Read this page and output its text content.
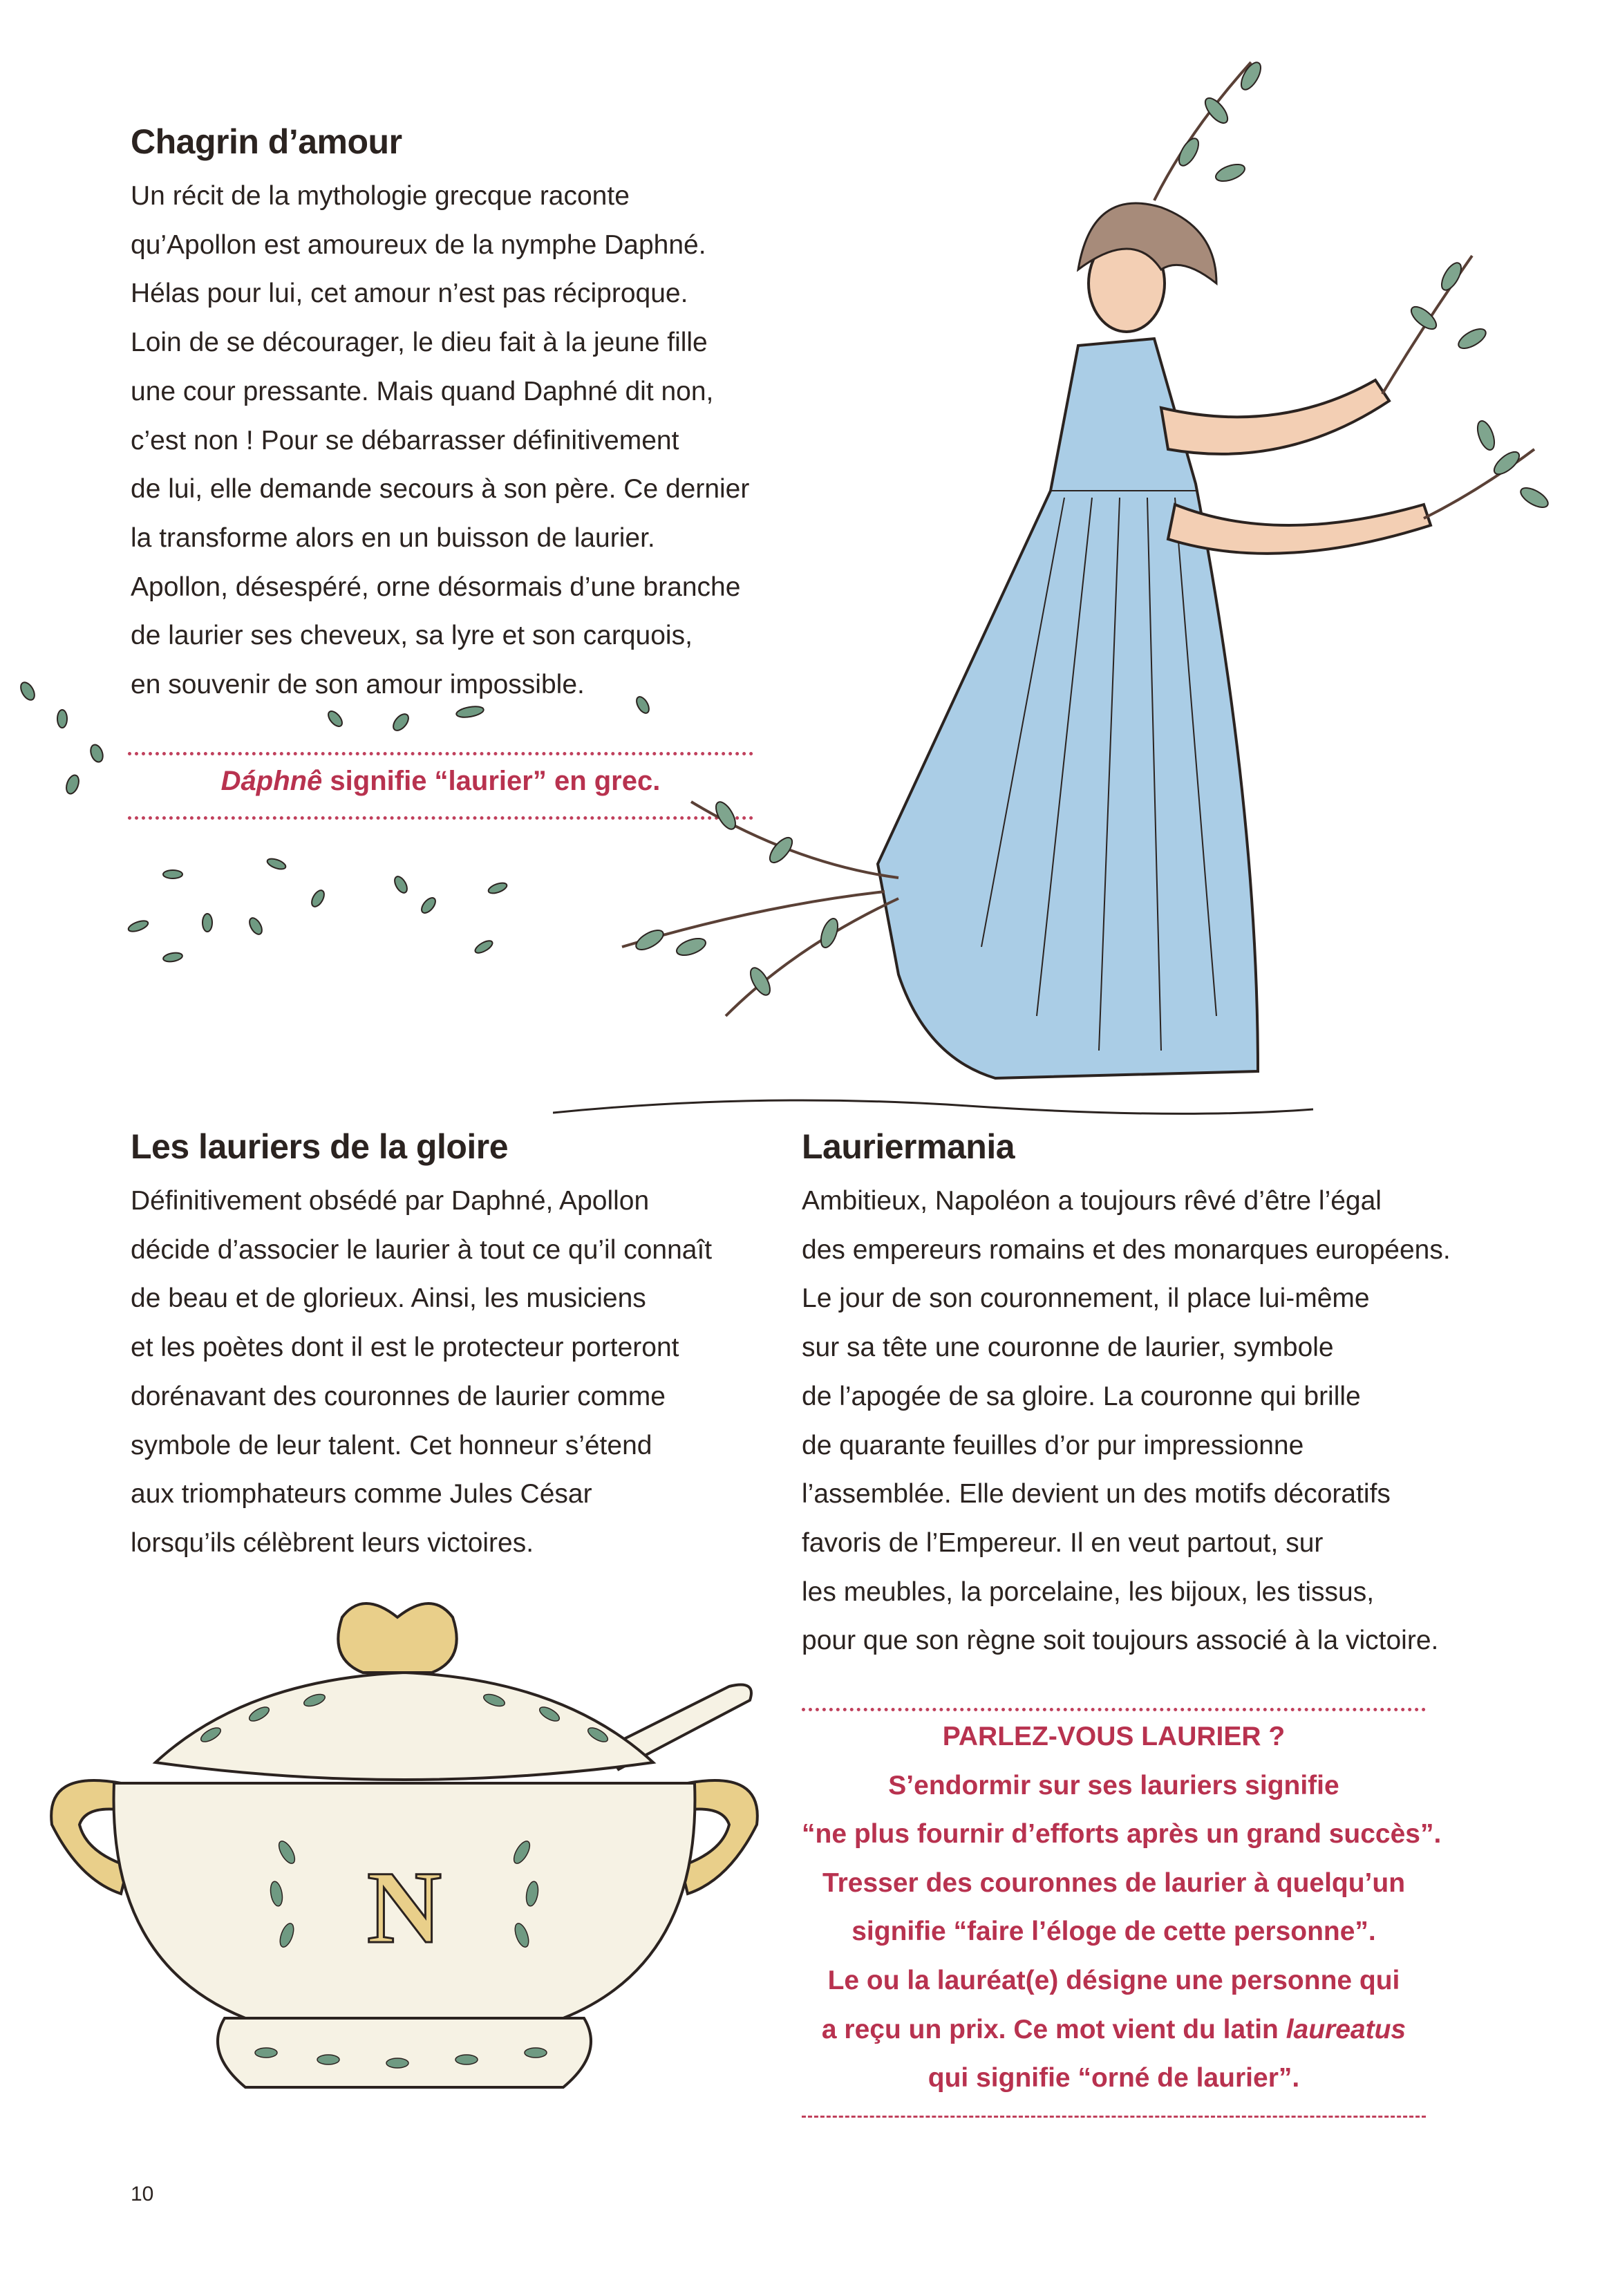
Chagrin d’amour
Un récit de la mythologie grecque raconte
qu’Apollon est amoureux de la nymphe Daphné.
Hélas pour lui, cet amour n’est pas réciproque.
Loin de se décourager, le dieu fait à la jeune fille
une cour pressante. Mais quand Daphné dit non,
c’est non ! Pour se débarrasser définitivement
de lui, elle demande secours à son père. Ce dernier
la transforme alors en un buisson de laurier.
Apollon, désespéré, orne désormais d’une branche
de laurier ses cheveux, sa lyre et son carquois,
en souvenir de son amour impossible.
Dáphnê signifie “laurier” en grec.
Les lauriers de la gloire
Définitivement obsédé par Daphné, Apollon
décide d’associer le laurier à tout ce qu’il connaît
de beau et de glorieux. Ainsi, les musiciens
et les poètes dont il est le protecteur porteront
dorénavant des couronnes de laurier comme
symbole de leur talent. Cet honneur s’étend
aux triomphateurs comme Jules César
lorsqu’ils célèbrent leurs victoires.
Lauriermania
Ambitieux, Napoléon a toujours rêvé d’être l’égal
des empereurs romains et des monarques européens.
Le jour de son couronnement, il place lui-même
sur sa tête une couronne de laurier, symbole
de l’apogée de sa gloire. La couronne qui brille
de quarante feuilles d’or pur impressionne
l’assemblée. Elle devient un des motifs décoratifs
favoris de l’Empereur. Il en veut partout, sur
les meubles, la porcelaine, les bijoux, les tissus,
pour que son règne soit toujours associé à la victoire.
PARLEZ-VOUS LAURIER ?
S’endormir sur ses lauriers signifie
“ne plus fournir d’efforts après un grand succès”.
Tresser des couronnes de laurier à quelqu’un
signifie “faire l’éloge de cette personne”.
Le ou la lauréat(e) désigne une personne qui
a reçu un prix. Ce mot vient du latin laureatus
qui signifie “orné de laurier”.
N
10
